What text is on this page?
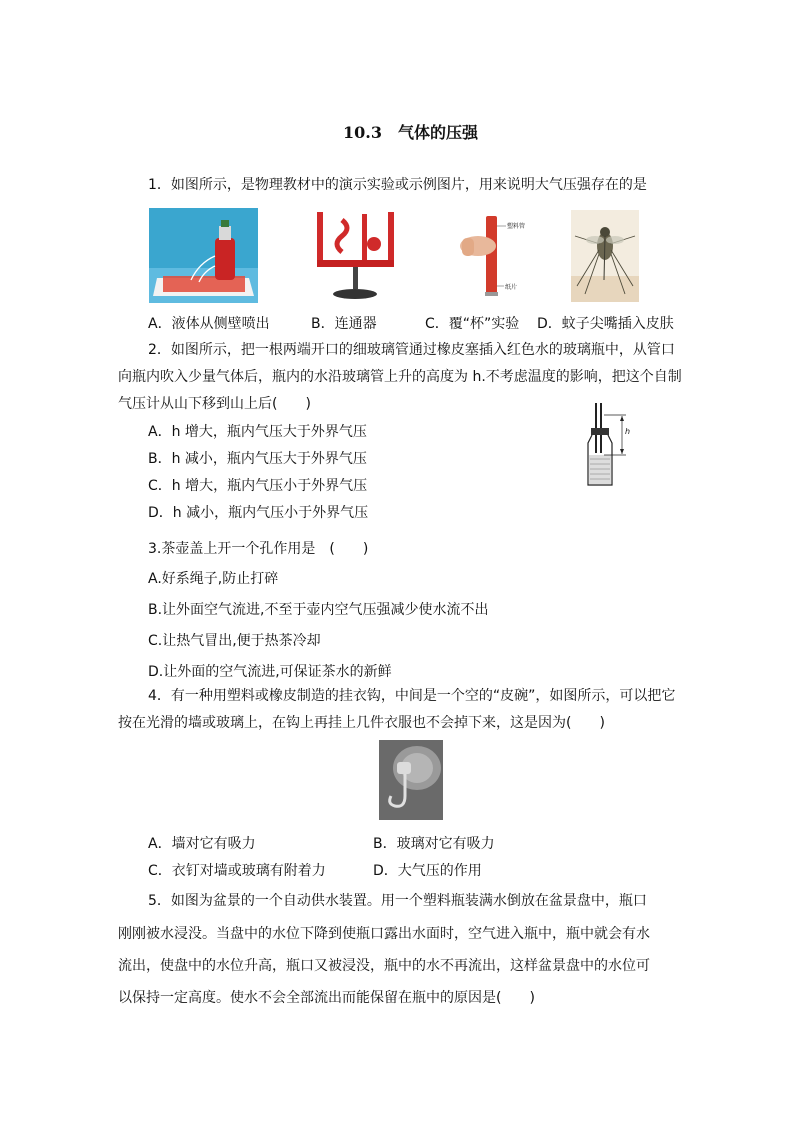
10.3　气体的压强
1．如图所示，是物理教材中的演示实验或示例图片，用来说明大气压强存在的是
塑料管
纸片
A．液体从侧壁喷出	B．连通器	C．覆“杯”实验 D．蚊子尖嘴插入皮肤
2．如图所示，把一根两端开口的细玻璃管通过橡皮塞插入红色水的玻璃瓶中，从管口
向瓶内吹入少量气体后，瓶内的水沿玻璃管上升的高度为 h.不考虑温度的影响，把这个自制
气压计从山下移到山上后(　　)
A．h 增大，瓶内气压大于外界气压
B．h 减小，瓶内气压大于外界气压
C．h 增大，瓶内气压小于外界气压
D．h 减小，瓶内气压小于外界气压
h
3.茶壶盖上开一个孔作用是　(　　)
A.好系绳子,防止打碎
B.让外面空气流进,不至于壶内空气压强减少使水流不出
C.让热气冒出,便于热茶冷却
D.让外面的空气流进,可保证茶水的新鲜
4．有一种用塑料或橡皮制造的挂衣钩，中间是一个空的“皮碗”，如图所示，可以把它
按在光滑的墙或玻璃上，在钩上再挂上几件衣服也不会掉下来，这是因为(　　)
A．墙对它有吸力	B．玻璃对它有吸力
C．衣钉对墙或玻璃有附着力	D．大气压的作用
5．如图为盆景的一个自动供水装置。用一个塑料瓶装满水倒放在盆景盘中，瓶口
刚刚被水浸没。当盘中的水位下降到使瓶口露出水面时，空气进入瓶中，瓶中就会有水
流出，使盘中的水位升高，瓶口又被浸没，瓶中的水不再流出，这样盆景盘中的水位可
以保持一定高度。使水不会全部流出而能保留在瓶中的原因是(　　)
